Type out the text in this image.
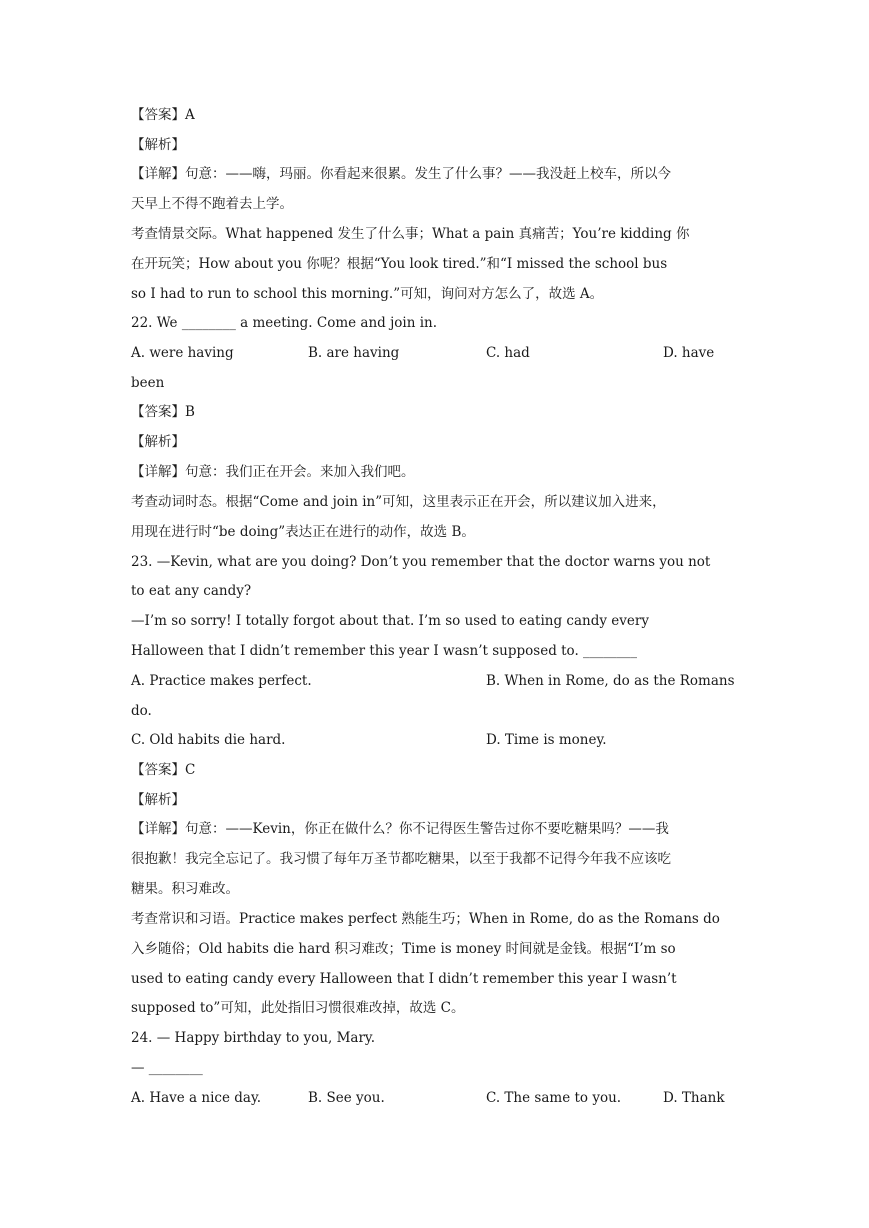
【答案】A
【解析】
【详解】句意：——嗨，玛丽。你看起来很累。发生了什么事？——我没赶上校车，所以今
天早上不得不跑着去上学。
考查情景交际。What happened 发生了什么事；What a pain 真痛苦；You’re kidding 你
在开玩笑；How about you 你呢？根据“You look tired.”和“I missed the school bus
so I had to run to school this morning.”可知，询问对方怎么了，故选 A。
22. We ________ a meeting. Come and join in.
A. were having	B. are having	C. had	D. have
been
【答案】B
【解析】
【详解】句意：我们正在开会。来加入我们吧。
考查动词时态。根据“Come and join in”可知，这里表示正在开会，所以建议加入进来，
用现在进行时“be doing”表达正在进行的动作，故选 B。
23. —Kevin, what are you doing? Don’t you remember that the doctor warns you not
to eat any candy?
—I’m so sorry! I totally forgot about that. I’m so used to eating candy every
Halloween that I didn’t remember this year I wasn’t supposed to. ________
A. Practice makes perfect.	B. When in Rome, do as the Romans
do.
C. Old habits die hard.	D. Time is money.
【答案】C
【解析】
【详解】句意：——Kevin，你正在做什么？你不记得医生警告过你不要吃糖果吗？——我
很抱歉！我完全忘记了。我习惯了每年万圣节都吃糖果，以至于我都不记得今年我不应该吃
糖果。积习难改。
考查常识和习语。Practice makes perfect 熟能生巧；When in Rome, do as the Romans do
入乡随俗；Old habits die hard 积习难改；Time is money 时间就是金钱。根据“I’m so
used to eating candy every Halloween that I didn’t remember this year I wasn’t
supposed to”可知，此处指旧习惯很难改掉，故选 C。
24. — Happy birthday to you, Mary.
— ________
A. Have a nice day.	B. See you.	C. The same to you.	D. Thank
